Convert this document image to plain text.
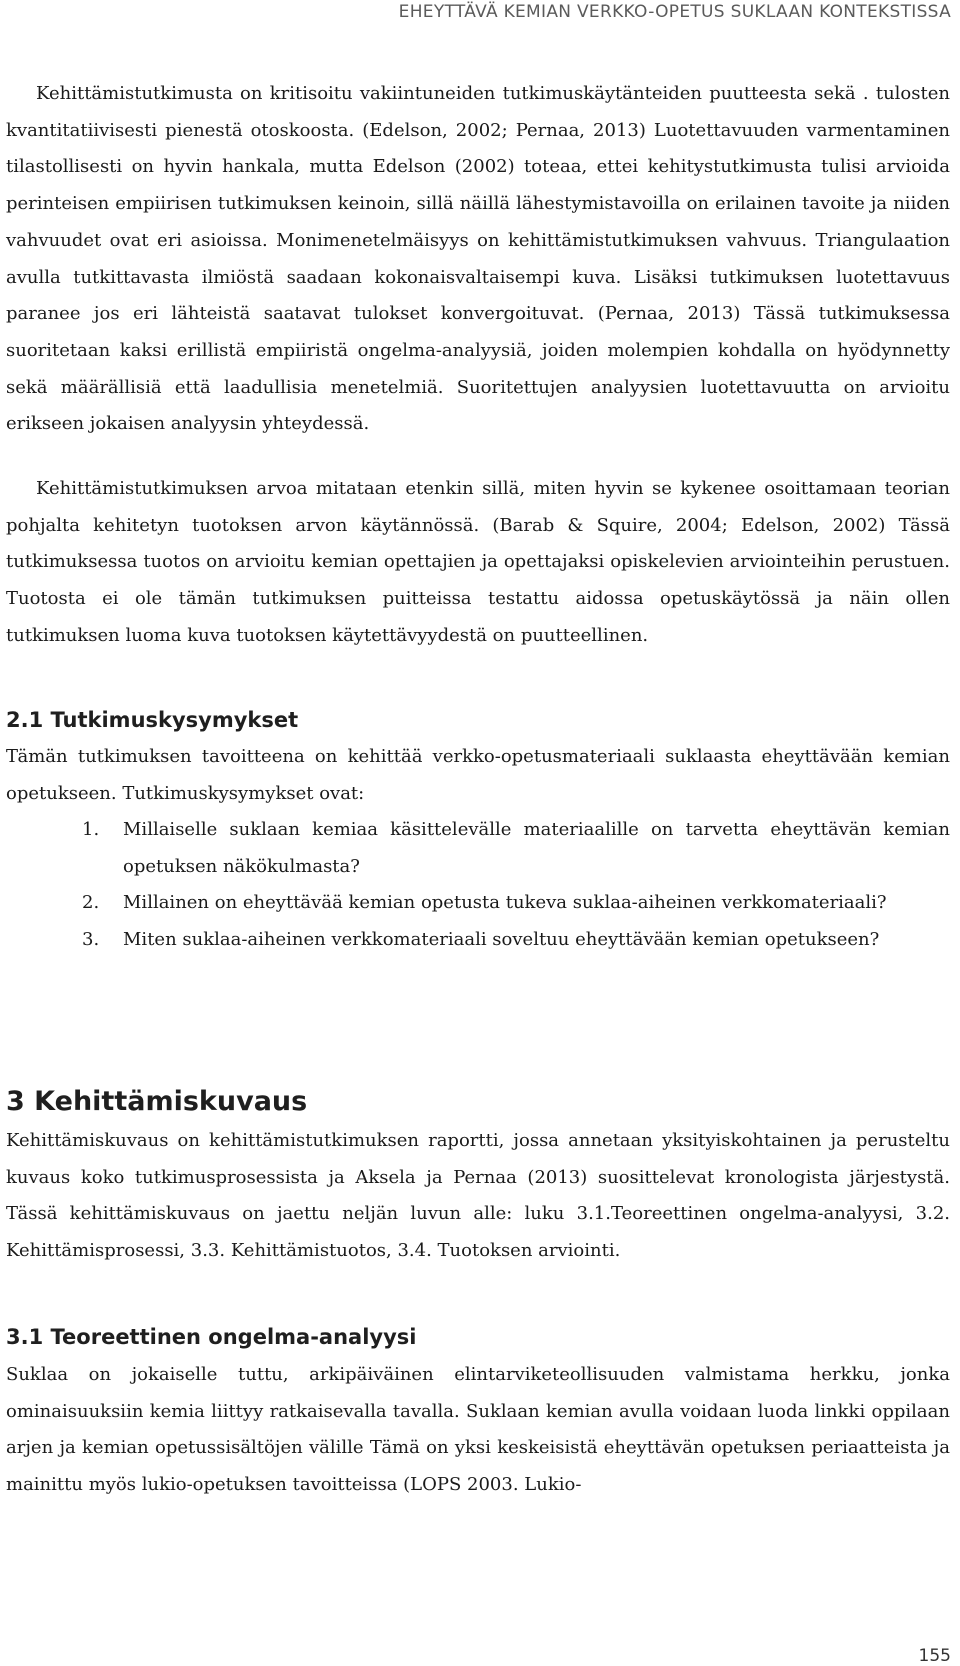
EHEYTTÄVÄ KEMIAN VERKKO-OPETUS SUKLAAN KONTEKSTISSA

Kehittämistutkimusta on kritisoitu vakiintuneiden tutkimuskäytänteiden puutteesta sekä . tulosten kvantitatiivisesti pienestä otoskoosta. (Edelson, 2002; Pernaa, 2013) Luotettavuuden varmentaminen tilastollisesti on hyvin hankala, mutta Edelson (2002) toteaa, ettei kehitystutkimusta tulisi arvioida perinteisen empiirisen tutkimuksen keinoin, sillä näillä lähestymistavoilla on erilainen tavoite ja niiden vahvuudet ovat eri asioissa. Monimenetelmäisyys on kehittämistutkimuksen vahvuus. Triangulaation avulla tutkittavasta ilmiöstä saadaan kokonaisvaltaisempi kuva. Lisäksi tutkimuksen luotettavuus paranee jos eri lähteistä saatavat tulokset konvergoituvat. (Pernaa, 2013) Tässä tutkimuksessa suoritetaan kaksi erillistä empiiristä ongelma-analyysiä, joiden molempien kohdalla on hyödynnetty sekä määrällisiä että laadullisia menetelmiä. Suoritettujen analyysien luotettavuutta on arvioitu erikseen jokaisen analyysin yhteydessä.

Kehittämistutkimuksen arvoa mitataan etenkin sillä, miten hyvin se kykenee osoittamaan teorian pohjalta kehitetyn tuotoksen arvon käytännössä. (Barab & Squire, 2004; Edelson, 2002) Tässä tutkimuksessa tuotos on arvioitu kemian opettajien ja opettajaksi opiskelevien arviointeihin perustuen. Tuotosta ei ole tämän tutkimuksen puitteissa testattu aidossa opetuskäytössä ja näin ollen tutkimuksen luoma kuva tuotoksen käytettävyydestä on puutteellinen.

2.1 Tutkimuskysymykset

Tämän tutkimuksen tavoitteena on kehittää verkko-opetusmateriaali suklaasta eheyttävään kemian opetukseen. Tutkimuskysymykset ovat:

1. Millaiselle suklaan kemiaa käsittelevälle materiaalille on tarvetta eheyttävän kemian opetuksen näkökulmasta?
2. Millainen on eheyttävää kemian opetusta tukeva suklaa-aiheinen verkkomateriaali?
3. Miten suklaa-aiheinen verkkomateriaali soveltuu eheyttävään kemian opetukseen?
3 Kehittämiskuvaus

Kehittämiskuvaus on kehittämistutkimuksen raportti, jossa annetaan yksityiskohtainen ja perusteltu kuvaus koko tutkimusprosessista ja Aksela ja Pernaa (2013) suosittelevat kronologista järjestystä. Tässä kehittämiskuvaus on jaettu neljän luvun alle: luku 3.1.Teoreettinen ongelma-analyysi, 3.2. Kehittämisprosessi, 3.3. Kehittämistuotos, 3.4. Tuotoksen arviointi.

3.1 Teoreettinen ongelma-analyysi

Suklaa on jokaiselle tuttu, arkipäiväinen elintarviketeollisuuden valmistama herkku, jonka ominaisuuksiin kemia liittyy ratkaisevalla tavalla. Suklaan kemian avulla voidaan luoda linkki oppilaan arjen ja kemian opetussisältöjen välille Tämä on yksi keskeisistä eheyttävän opetuksen periaatteista ja mainittu myös lukio-opetuksen tavoitteissa (LOPS 2003. Lukio-

155
